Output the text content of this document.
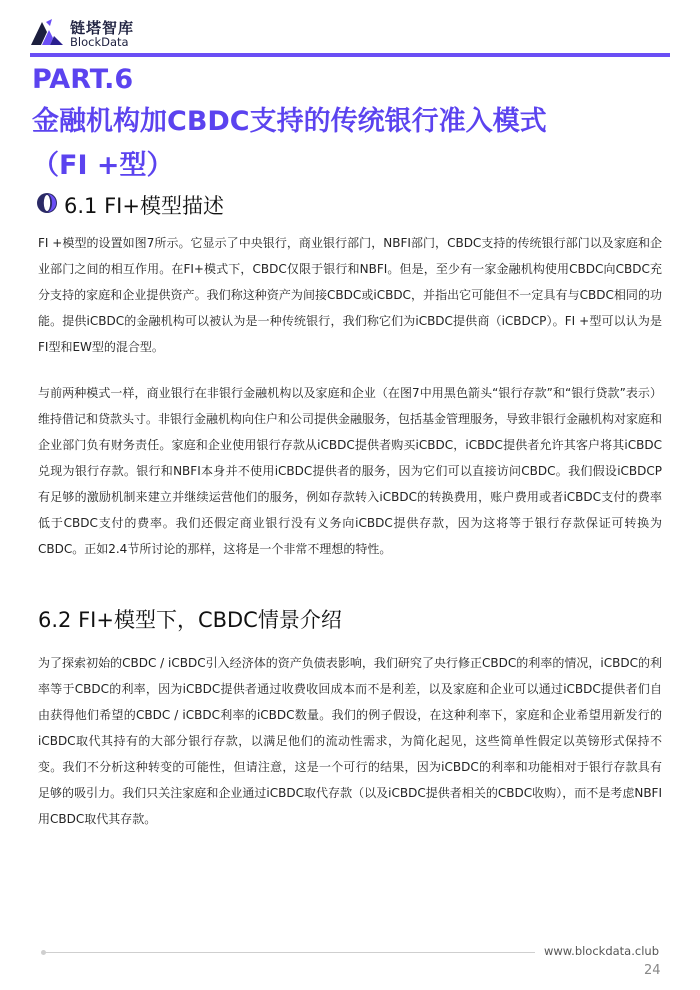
链塔智库
BlockData
PART.6
金融机构加CBDC支持的传统银行准入模式
（FI +型）
6.1 FI+模型描述

FI +模型的设置如图7所示。它显示了中央银行，商业银行部门，NBFI部门，CBDC支持的传统银行部门以及家庭和企业部门之间的相互作用。在FI+模式下，CBDC仅限于银行和NBFI。但是，至少有一家金融机构使用CBDC向CBDC充分支持的家庭和企业提供资产。我们称这种资产为间接CBDC或iCBDC，并指出它可能但不一定具有与CBDC相同的功能。提供iCBDC的金融机构可以被认为是一种传统银行，我们称它们为iCBDC提供商（iCBDCP）。FI +型可以认为是FI型和EW型的混合型。

与前两种模式一样，商业银行在非银行金融机构以及家庭和企业（在图7中用黑色箭头“银行存款”和“银行贷款”表示）维持借记和贷款头寸。非银行金融机构向住户和公司提供金融服务，包括基金管理服务，导致非银行金融机构对家庭和企业部门负有财务责任。家庭和企业使用银行存款从iCBDC提供者购买iCBDC，iCBDC提供者允许其客户将其iCBDC兑现为银行存款。银行和NBFI本身并不使用iCBDC提供者的服务，因为它们可以直接访问CBDC。我们假设iCBDCP有足够的激励机制来建立并继续运营他们的服务，例如存款转入iCBDC的转换费用，账户费用或者iCBDC支付的费率低于CBDC支付的费率。我们还假定商业银行没有义务向iCBDC提供存款，因为这将等于银行存款保证可转换为CBDC。正如2.4节所讨论的那样，这将是一个非常不理想的特性。

6.2 FI+模型下，CBDC情景介绍

为了探索初始的CBDC / iCBDC引入经济体的资产负债表影响，我们研究了央行修正CBDC的利率的情况，iCBDC的利率等于CBDC的利率，因为iCBDC提供者通过收费收回成本而不是利差，以及家庭和企业可以通过iCBDC提供者们自由获得他们希望的CBDC / iCBDC利率的iCBDC数量。我们的例子假设，在这种利率下，家庭和企业希望用新发行的iCBDC取代其持有的大部分银行存款，以满足他们的流动性需求，为简化起见，这些简单性假定以英镑形式保持不变。我们不分析这种转变的可能性，但请注意，这是一个可行的结果，因为iCBDC的利率和功能相对于银行存款具有足够的吸引力。我们只关注家庭和企业通过iCBDC取代存款（以及iCBDC提供者相关的CBDC收购），而不是考虑NBFI用CBDC取代其存款。

www.blockdata.club
24
